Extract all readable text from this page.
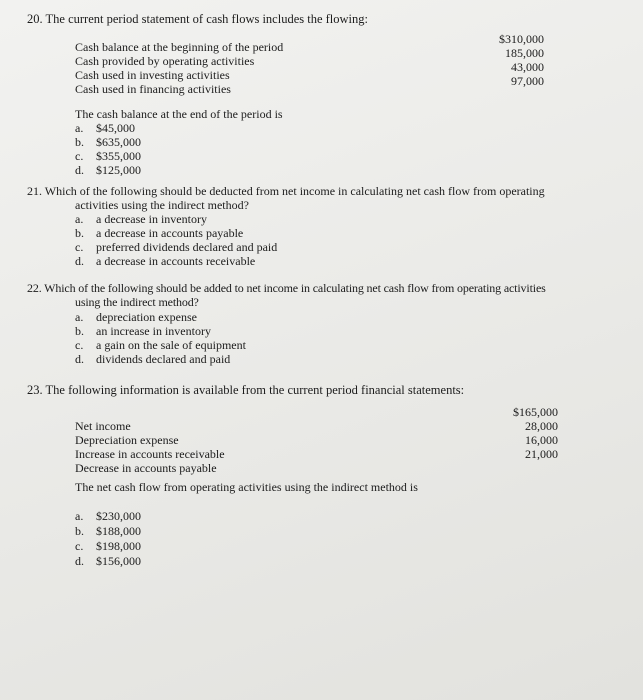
20. The current period statement of cash flows includes the flowing:
Cash balance at the beginning of the period
Cash provided by operating activities
Cash used in investing activities
Cash used in financing activities
$310,000
185,000
43,000
97,000
The cash balance at the end of the period is
a. $45,000
b. $635,000
c. $355,000
d. $125,000
21. Which of the following should be deducted from net income in calculating net cash flow from operating
activities using the indirect method?
a. a decrease in inventory
b. a decrease in accounts payable
c. preferred dividends declared and paid
d. a decrease in accounts receivable
22. Which of the following should be added to net income in calculating net cash flow from operating activities
using the indirect method?
a. depreciation expense
b. an increase in inventory
c. a gain on the sale of equipment
d. dividends declared and paid
23. The following information is available from the current period financial statements:
Net income
Depreciation expense
Increase in accounts receivable
Decrease in accounts payable
$165,000
28,000
16,000
21,000
The net cash flow from operating activities using the indirect method is
a. $230,000
b. $188,000
c. $198,000
d. $156,000
